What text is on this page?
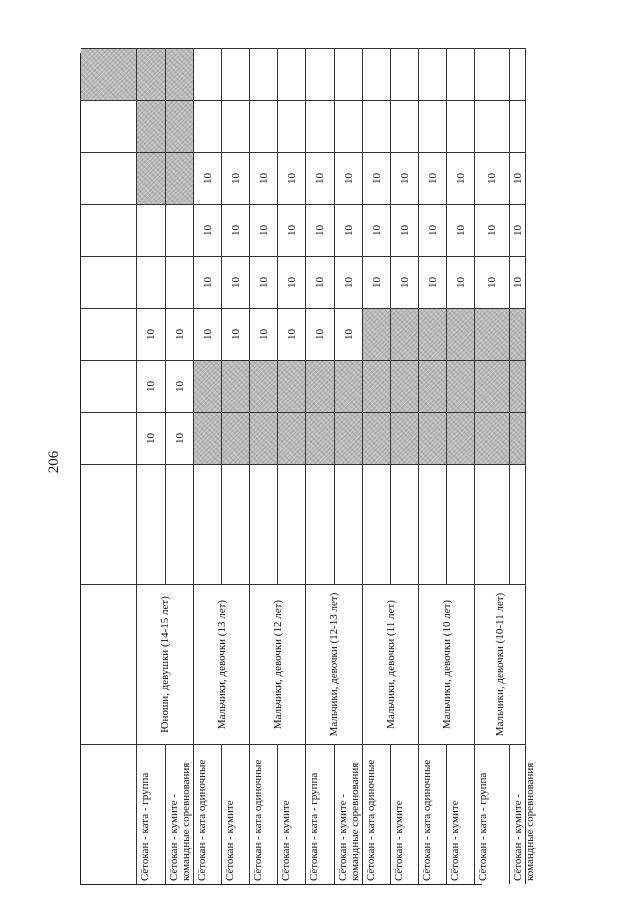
206
Сётокан - ката - группа
Юноши, девушки (14-15 лет)
10
10
10
Сётокан - кумите - командные соревнования
10
10
10
Сётокан - ката одиночные
Мальчики, девочки (13 лет)
10
10
10
10
Сётокан - кумите
10
10
10
10
Сётокан - ката одиночные
Мальчики, девочки (12 лет)
10
10
10
10
Сётокан - кумите
10
10
10
10
Сётокан - ката - группа
Мальчики, девочки (12-13 лет)
10
10
10
10
Сётокан - кумите - командные соревнования
10
10
10
10
Сётокан - ката одиночные
Мальчики, девочки (11 лет)
10
10
10
Сётокан - кумите
10
10
10
Сётокан - ката одиночные
Мальчики, девочки (10 лет)
10
10
10
Сётокан - кумите
10
10
10
Сётокан - ката - группа
Мальчики, девочки (10-11 лет)
10
10
10
Сётокан - кумите - командные соревнования
10
10
10
